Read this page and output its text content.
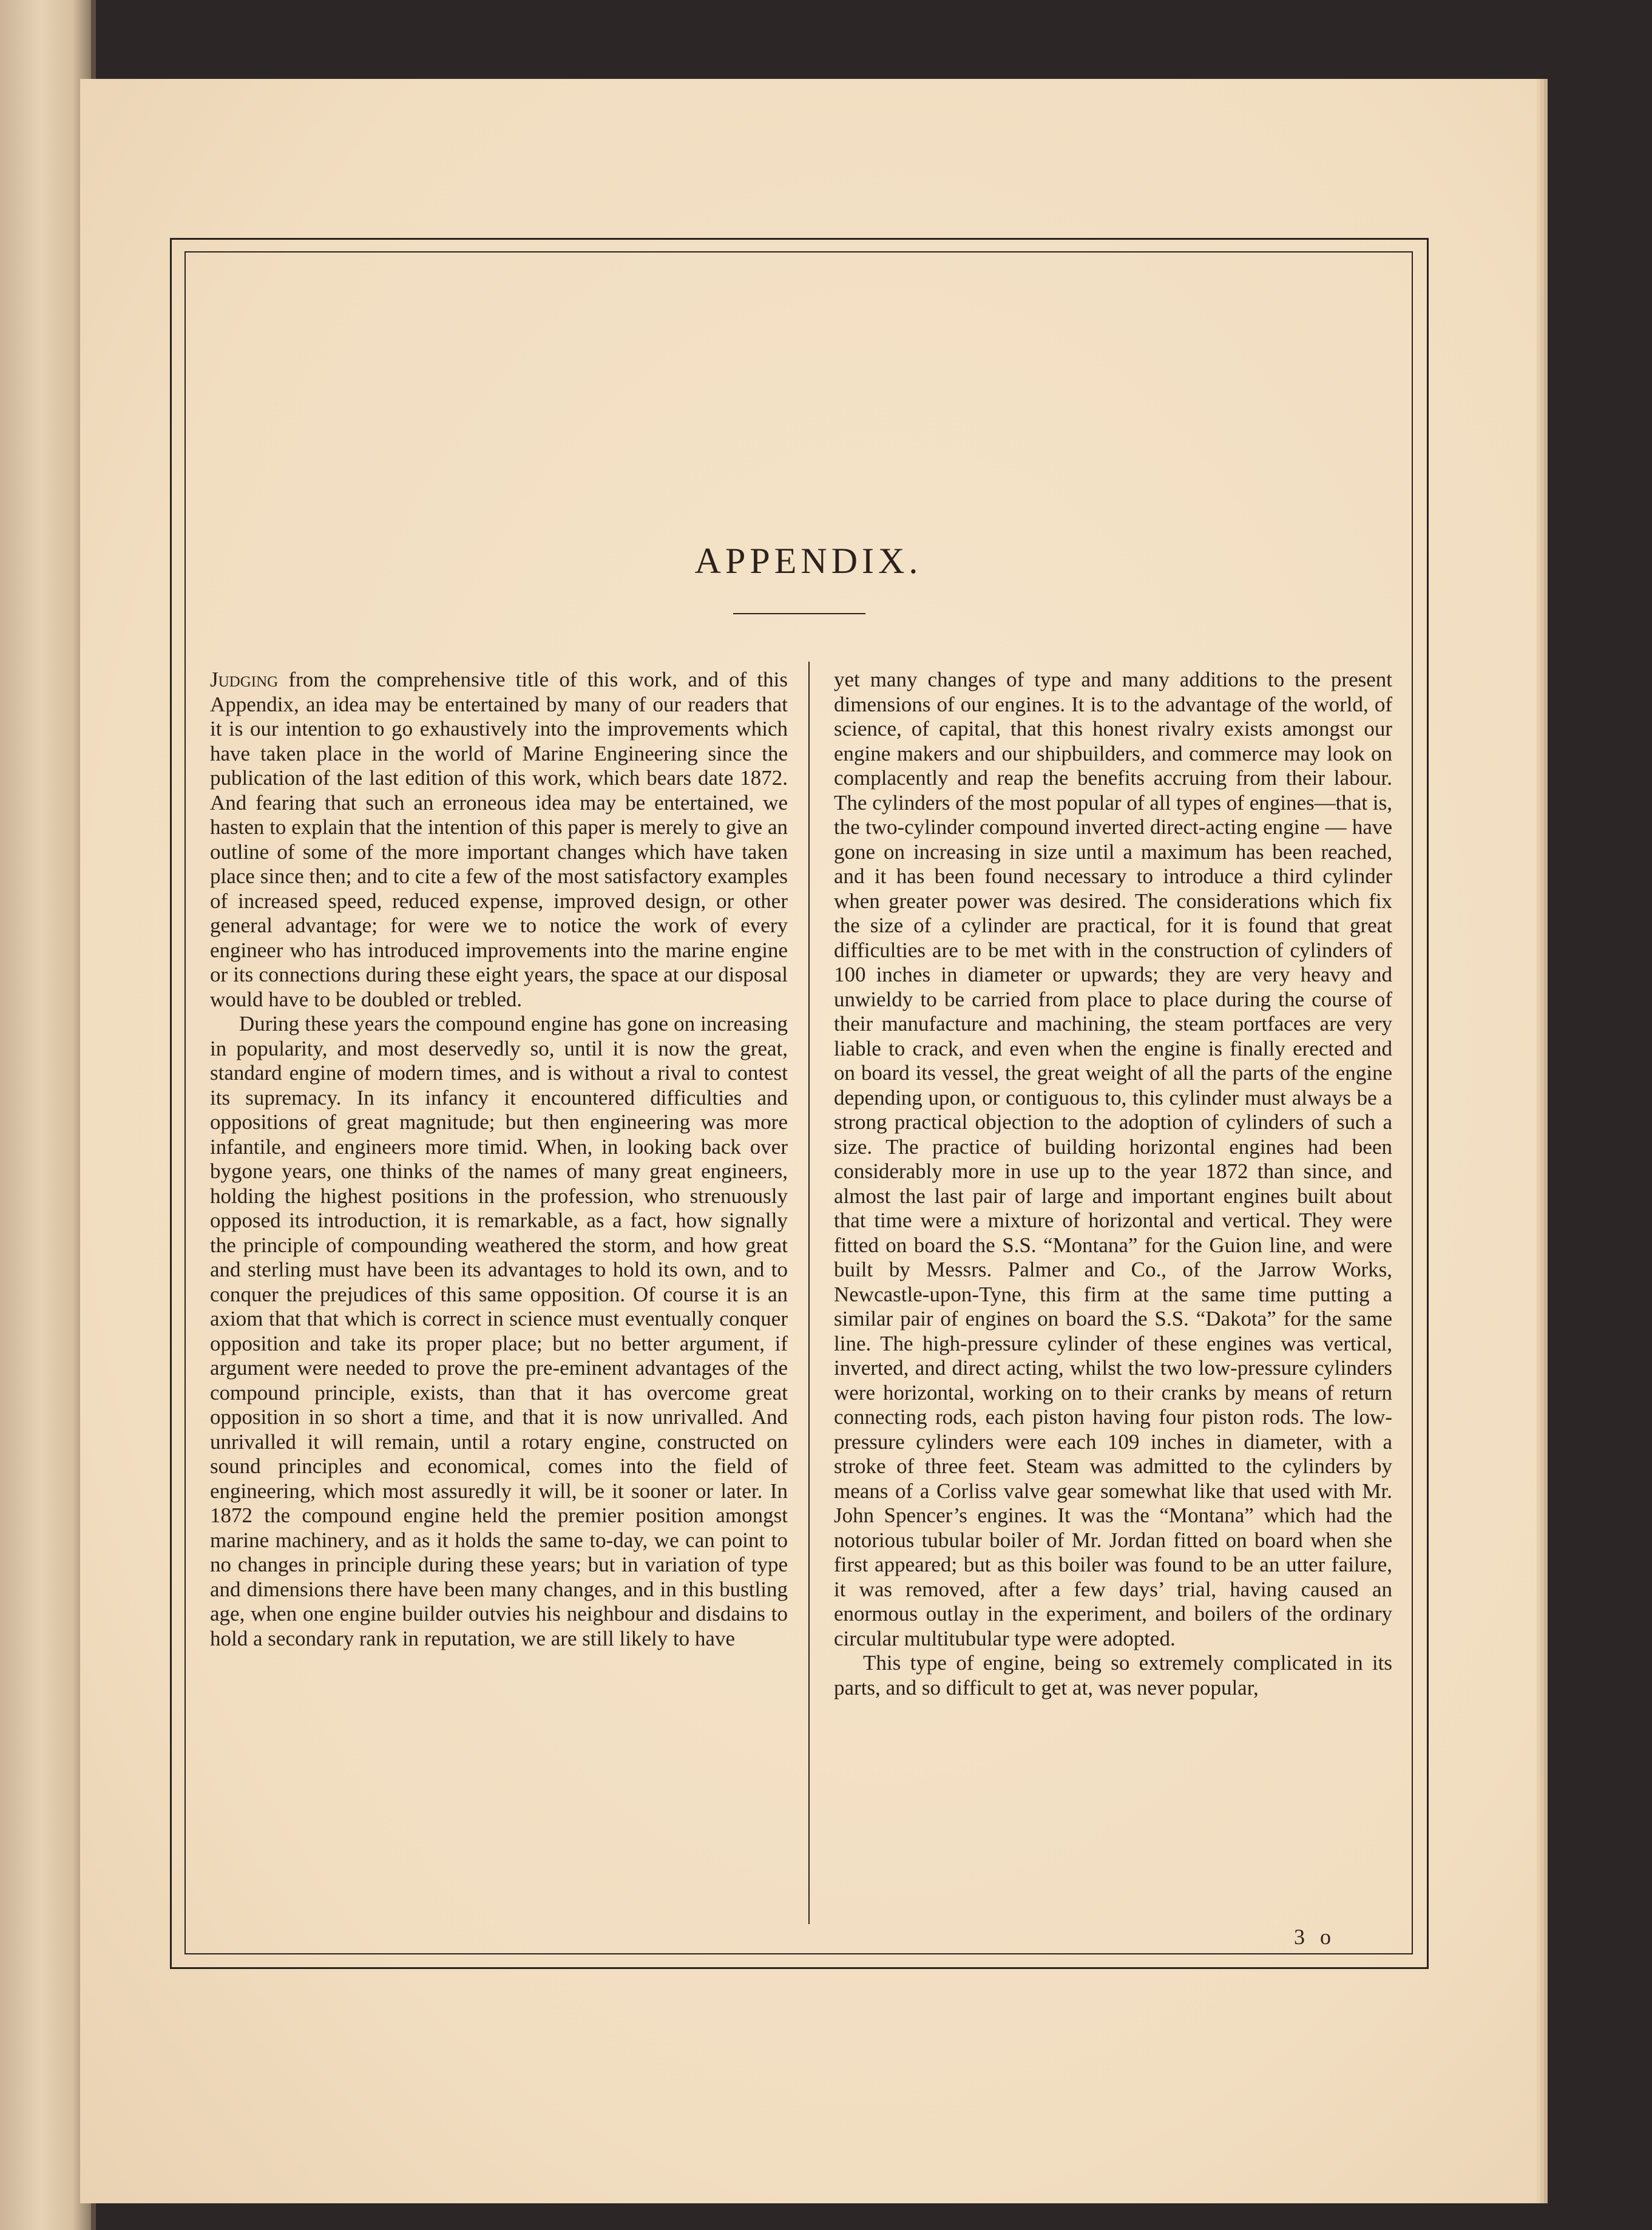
APPENDIX.

Judging from the comprehensive title of this work, and of this Appendix, an idea may be entertained by many of our readers that it is our intention to go exhaustively into the improvements which have taken place in the world of Marine Engineering since the publication of the last edition of this work, which bears date 1872. And fearing that such an erroneous idea may be entertained, we hasten to explain that the intention of this paper is merely to give an outline of some of the more important changes which have taken place since then; and to cite a few of the most satisfactory examples of increased speed, reduced expense, improved design, or other general advantage; for were we to notice the work of every engineer who has introduced improvements into the marine engine or its connections during these eight years, the space at our disposal would have to be doubled or trebled.

During these years the compound engine has gone on increasing in popularity, and most deservedly so, until it is now the great, standard engine of modern times, and is without a rival to contest its supremacy. In its infancy it encountered difficulties and oppositions of great magnitude; but then engineering was more infantile, and engineers more timid. When, in looking back over bygone years, one thinks of the names of many great engineers, holding the highest positions in the profession, who strenuously opposed its introduction, it is remarkable, as a fact, how signally the principle of compounding weathered the storm, and how great and sterling must have been its advantages to hold its own, and to conquer the prejudices of this same opposition. Of course it is an axiom that that which is correct in science must eventually conquer opposition and take its proper place; but no better argument, if argument were needed to prove the pre-eminent advantages of the compound principle, exists, than that it has overcome great opposition in so short a time, and that it is now unrivalled. And unrivalled it will remain, until a rotary engine, constructed on sound principles and economical, comes into the field of engineering, which most assuredly it will, be it sooner or later. In 1872 the compound engine held the premier position amongst marine machinery, and as it holds the same to-day, we can point to no changes in principle during these years; but in variation of type and dimensions there have been many changes, and in this bustling age, when one engine builder outvies his neighbour and disdains to hold a secondary rank in reputation, we are still likely to have

yet many changes of type and many additions to the present dimensions of our engines. It is to the advantage of the world, of science, of capital, that this honest rivalry exists amongst our engine makers and our shipbuilders, and commerce may look on complacently and reap the benefits accruing from their labour. The cylinders of the most popular of all types of engines—that is, the two-cylinder compound inverted direct-acting engine — have gone on increasing in size until a maximum has been reached, and it has been found necessary to introduce a third cylinder when greater power was desired. The considerations which fix the size of a cylinder are practical, for it is found that great difficulties are to be met with in the construction of cylinders of 100 inches in diameter or upwards; they are very heavy and unwieldy to be carried from place to place during the course of their manufacture and machining, the steam portfaces are very liable to crack, and even when the engine is finally erected and on board its vessel, the great weight of all the parts of the engine depending upon, or contiguous to, this cylinder must always be a strong practical objection to the adoption of cylinders of such a size. The practice of building horizontal engines had been considerably more in use up to the year 1872 than since, and almost the last pair of large and important engines built about that time were a mixture of horizontal and vertical. They were fitted on board the S.S. “Montana” for the Guion line, and were built by Messrs. Palmer and Co., of the Jarrow Works, Newcastle-upon-Tyne, this firm at the same time putting a similar pair of engines on board the S.S. “Dakota” for the same line. The high-pressure cylinder of these engines was vertical, inverted, and direct acting, whilst the two low-pressure cylinders were horizontal, working on to their cranks by means of return connecting rods, each piston having four piston rods. The low-pressure cylinders were each 109 inches in diameter, with a stroke of three feet. Steam was admitted to the cylinders by means of a Corliss valve gear somewhat like that used with Mr. John Spencer’s engines. It was the “Montana” which had the notorious tubular boiler of Mr. Jordan fitted on board when she first appeared; but as this boiler was found to be an utter failure, it was removed, after a few days’ trial, having caused an enormous outlay in the experiment, and boilers of the ordinary circular multitubular type were adopted.

This type of engine, being so extremely complicated in its parts, and so difficult to get at, was never popular,

3 o
